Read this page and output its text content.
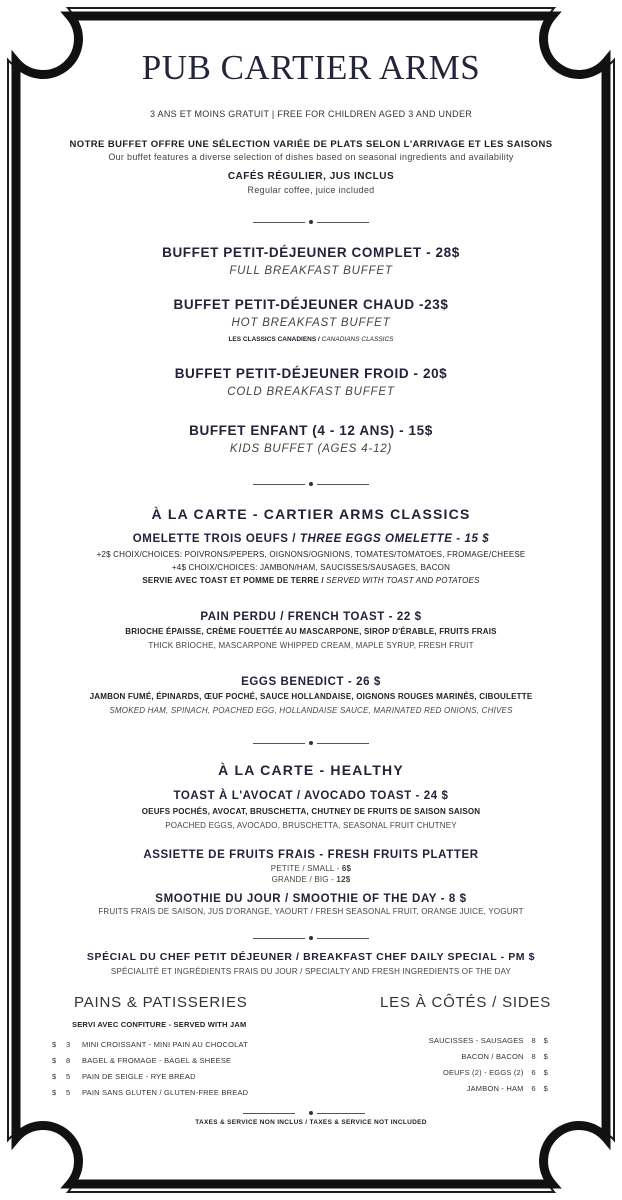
PUB CARTIER ARMS
3 ANS ET MOINS GRATUIT | FREE FOR CHILDREN AGED 3 AND UNDER
NOTRE BUFFET OFFRE UNE SÉLECTION VARIÉE DE PLATS SELON L'ARRIVAGE ET LES SAISONS
Our buffet features a diverse selection of dishes based on seasonal ingredients and availability
CAFÉS RÉGULIER, JUS INCLUS
Regular coffee, juice included
BUFFET PETIT-DÉJEUNER COMPLET - 28$
FULL BREAKFAST BUFFET
BUFFET PETIT-DÉJEUNER CHAUD -23$
HOT BREAKFAST BUFFET
LES CLASSICS CANADIENS / CANADIANS CLASSICS
BUFFET PETIT-DÉJEUNER FROID - 20$
COLD BREAKFAST BUFFET
BUFFET ENFANT (4 - 12 ANS) - 15$
KIDS BUFFET (AGES 4-12)
À LA CARTE - CARTIER ARMS CLASSICS
OMELETTE TROIS OEUFS / THREE EGGS OMELETTE - 15 $
+2$ CHOIX/CHOICES: POIVRONS/PEPERS, OIGNONS/OGNIONS, TOMATES/TOMATOES, FROMAGE/CHEESE
+4$ CHOIX/CHOICES: JAMBON/HAM, SAUCISSES/SAUSAGES, BACON
SERVIE AVEC TOAST ET POMME DE TERRE / SERVED WITH TOAST AND POTATOES
PAIN PERDU / FRENCH TOAST - 22 $
BRIOCHE ÉPAISSE, CRÈME FOUETTÉE AU MASCARPONE, SIROP D'ÉRABLE, FRUITS FRAIS
THICK BRIOCHE, MASCARPONE WHIPPED CREAM, MAPLE SYRUP, FRESH FRUIT
EGGS BENEDICT - 26 $
JAMBON FUMÉ, ÉPINARDS, ŒUF POCHÉ, SAUCE HOLLANDAISE, OIGNONS ROUGES MARINÉS, CIBOULETTE
SMOKED HAM, SPINACH, POACHED EGG, HOLLANDAISE SAUCE, MARINATED RED ONIONS, CHIVES
À LA CARTE - HEALTHY
TOAST À L'AVOCAT / AVOCADO TOAST - 24 $
OEUFS POCHÉS, AVOCAT, BRUSCHETTA, CHUTNEY DE FRUITS DE SAISON SAISON
POACHED EGGS, AVOCADO, BRUSCHETTA, SEASONAL FRUIT CHUTNEY
ASSIETTE DE FRUITS FRAIS - FRESH FRUITS PLATTER
PETITE / SMALL - 6$
GRANDE / BIG - 12$
SMOOTHIE DU JOUR / SMOOTHIE OF THE DAY - 8 $
FRUITS FRAIS DE SAISON, JUS D'ORANGE, YAOURT / FRESH SEASONAL FRUIT, ORANGE JUICE, YOGURT
SPÉCIAL DU CHEF PETIT DÉJEUNER / BREAKFAST CHEF DAILY SPECIAL - PM $
SPÉCIALITÉ ET INGRÉDIENTS FRAIS DU JOUR / SPECIALTY AND FRESH INGREDIENTS OF THE DAY
PAINS & PATISSERIES	LES À CÔTÉS / SIDES
SERVI AVEC CONFITURE - SERVED WITH JAM
$ 3 MINI CROISSANT - MINI PAIN AU CHOCOLAT
$ 8 BAGEL & FROMAGE - BAGEL & SHEESE
$ 5 PAIN DE SEIGLE - RYE BREAD
$ 5 PAIN SANS GLUTEN / GLUTEN-FREE BREAD
SAUCISSES - SAUSAGES 8 $
BACON / BACON 8 $
OEUFS (2) - EGGS (2) 6 $
JAMBON - HAM 6 $
TAXES & SERVICE NON INCLUS / TAXES & SERVICE NOT INCLUDED
